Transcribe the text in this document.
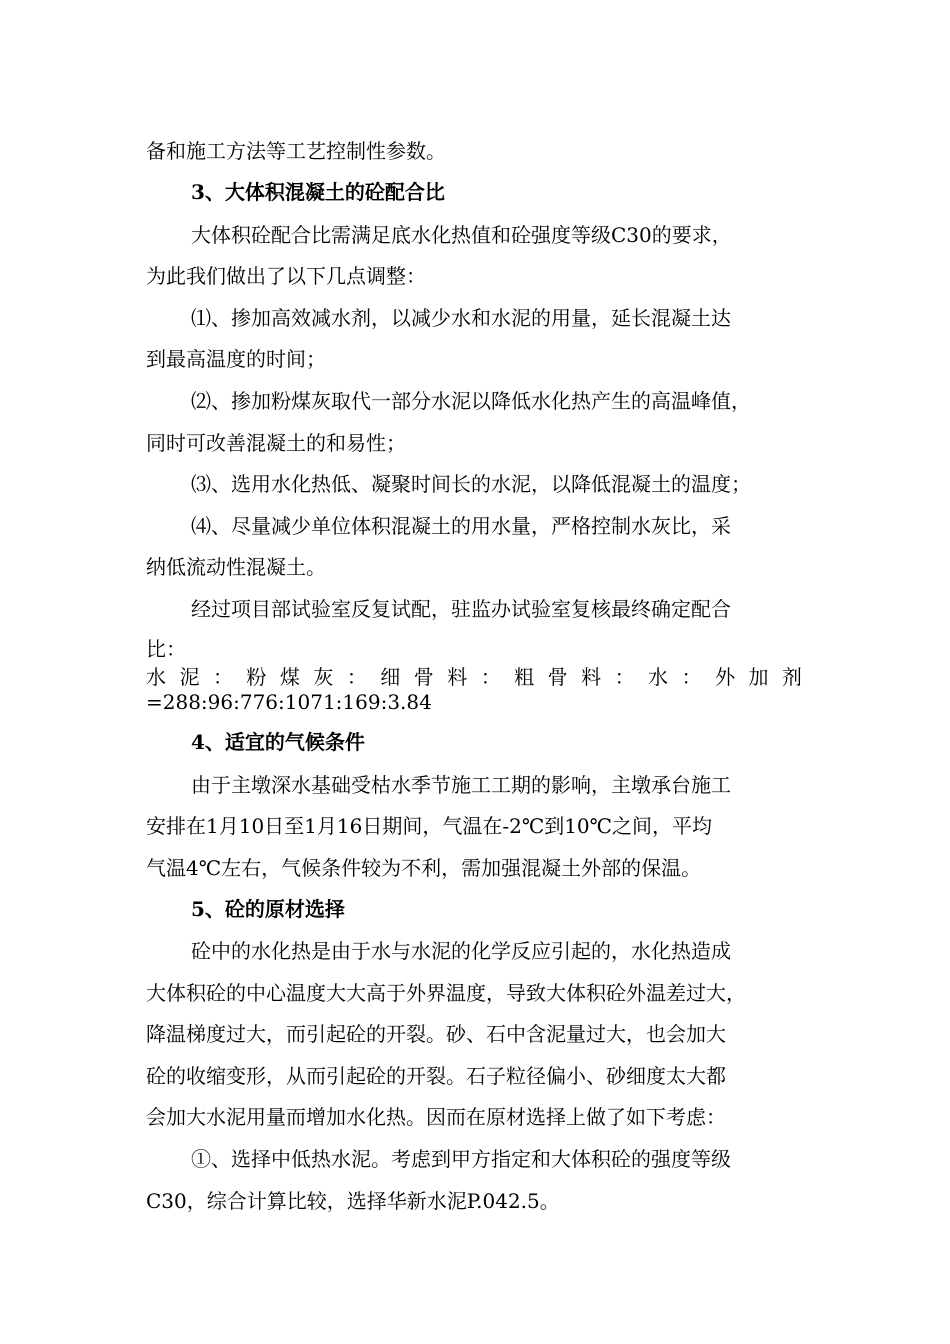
备和施工方法等工艺控制性参数。
3、大体积混凝土的砼配合比
大体积砼配合比需满足底水化热值和砼强度等级C30的要求，
为此我们做出了以下几点调整：
⑴、掺加高效减水剂，以减少水和水泥的用量，延长混凝土达
到最高温度的时间；
⑵、掺加粉煤灰取代一部分水泥以降低水化热产生的高温峰值，
同时可改善混凝土的和易性；
⑶、选用水化热低、凝聚时间长的水泥，以降低混凝土的温度；
⑷、尽量减少单位体积混凝土的用水量，严格控制水灰比，采
纳低流动性混凝土。
经过项目部试验室反复试配，驻监办试验室复核最终确定配合
比：
水 泥 ： 粉 煤 灰 ： 细 骨 料 ： 粗 骨 料 ： 水 ： 外 加 剂
=288:96:776:1071:169:3.84
4、适宜的气候条件
由于主墩深水基础受枯水季节施工工期的影响，主墩承台施工
安排在1月10日至1月16日期间，气温在-2℃到10℃之间，平均
气温4℃左右，气候条件较为不利，需加强混凝土外部的保温。
5、砼的原材选择
砼中的水化热是由于水与水泥的化学反应引起的，水化热造成
大体积砼的中心温度大大高于外界温度，导致大体积砼外温差过大，
降温梯度过大，而引起砼的开裂。砂、石中含泥量过大，也会加大
砼的收缩变形，从而引起砼的开裂。石子粒径偏小、砂细度太大都
会加大水泥用量而增加水化热。因而在原材选择上做了如下考虑：
①、选择中低热水泥。考虑到甲方指定和大体积砼的强度等级
C30，综合计算比较，选择华新水泥P.042.5。
